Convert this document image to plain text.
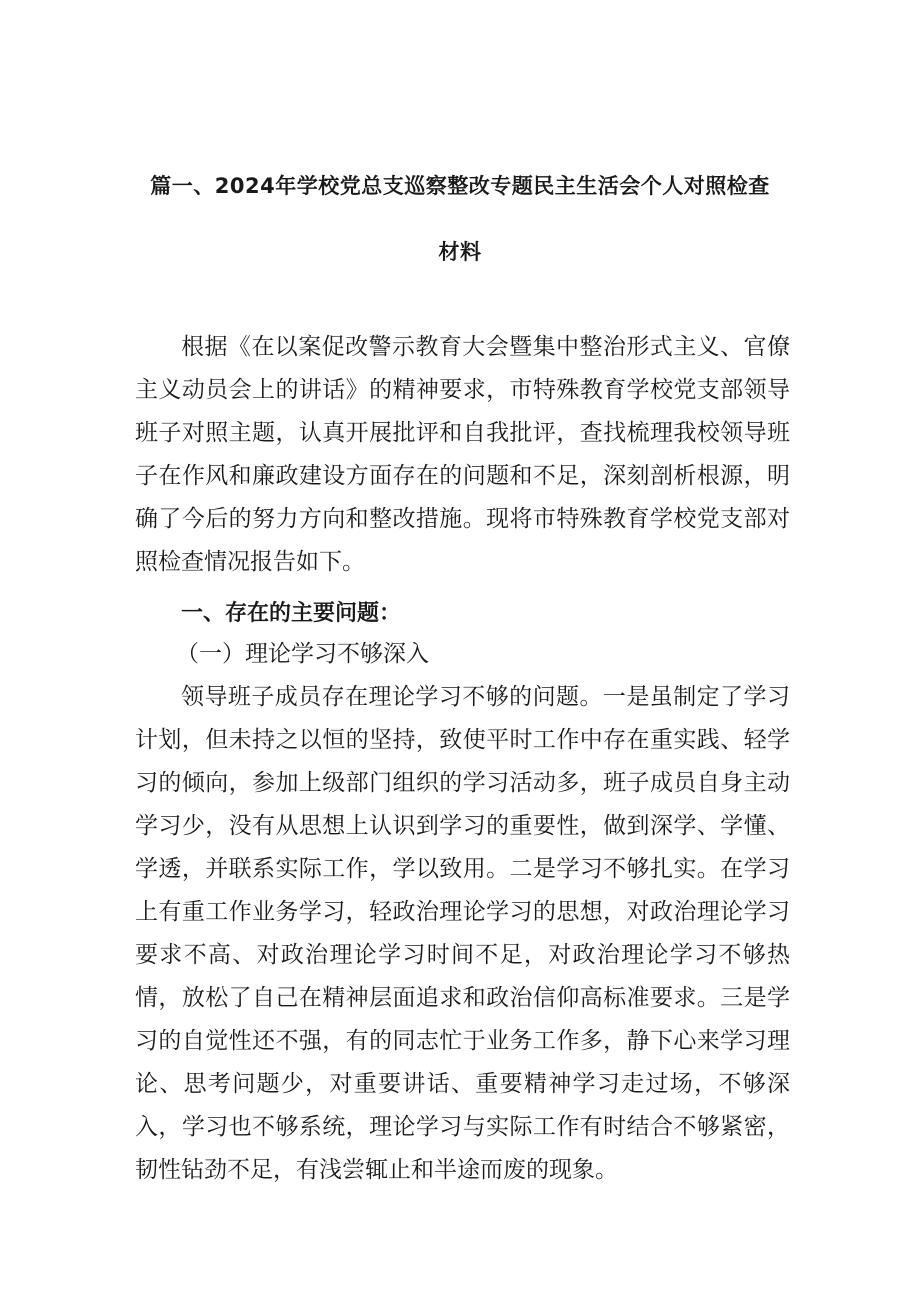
篇一、2024年学校党总支巡察整改专题民主生活会个人对照检查
材料

根据《在以案促改警示教育大会暨集中整治形式主义、官僚主义动员会上的讲话》的精神要求，市特殊教育学校党支部领导班子对照主题，认真开展批评和自我批评，查找梳理我校领导班子在作风和廉政建设方面存在的问题和不足，深刻剖析根源，明确了今后的努力方向和整改措施。现将市特殊教育学校党支部对照检查情况报告如下。

一、存在的主要问题：
（一）理论学习不够深入

领导班子成员存在理论学习不够的问题。一是虽制定了学习计划，但未持之以恒的坚持，致使平时工作中存在重实践、轻学习的倾向，参加上级部门组织的学习活动多，班子成员自身主动学习少，没有从思想上认识到学习的重要性，做到深学、学懂、学透，并联系实际工作，学以致用。二是学习不够扎实。在学习上有重工作业务学习，轻政治理论学习的思想，对政治理论学习要求不高、对政治理论学习时间不足，对政治理论学习不够热情，放松了自己在精神层面追求和政治信仰高标准要求。三是学习的自觉性还不强，有的同志忙于业务工作多，静下心来学习理论、思考问题少，对重要讲话、重要精神学习走过场，不够深入，学习也不够系统，理论学习与实际工作有时结合不够紧密，韧性钻劲不足，有浅尝辄止和半途而废的现象。
